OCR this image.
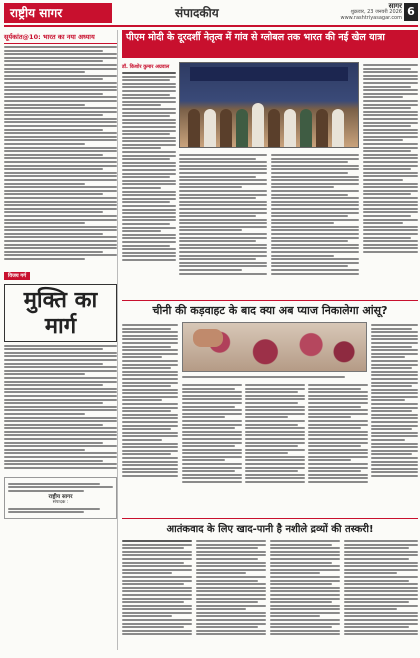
राष्ट्रीय सागर	संपादकीय	सागर
शुक्रवार, 23 जनवरी 2026
www.rashtriyasagar.com 6
सूर्यकांत@10: भारत का नया अध्याय
विजय गर्ग
मुक्ति का मार्ग
राष्ट्रीय सागर
संपादक :
पीएम मोदी के दूरदर्शी नेतृत्व में गांव से ग्लोबल तक भारत की नई खेल यात्रा
डॉ. किशोर कुमार अग्रवाल
चीनी की कड़वाहट के बाद क्या अब प्याज निकालेगा आंसू?
आतंकवाद के लिए खाद-पानी है नशीले द्रव्यों की तस्करी!
